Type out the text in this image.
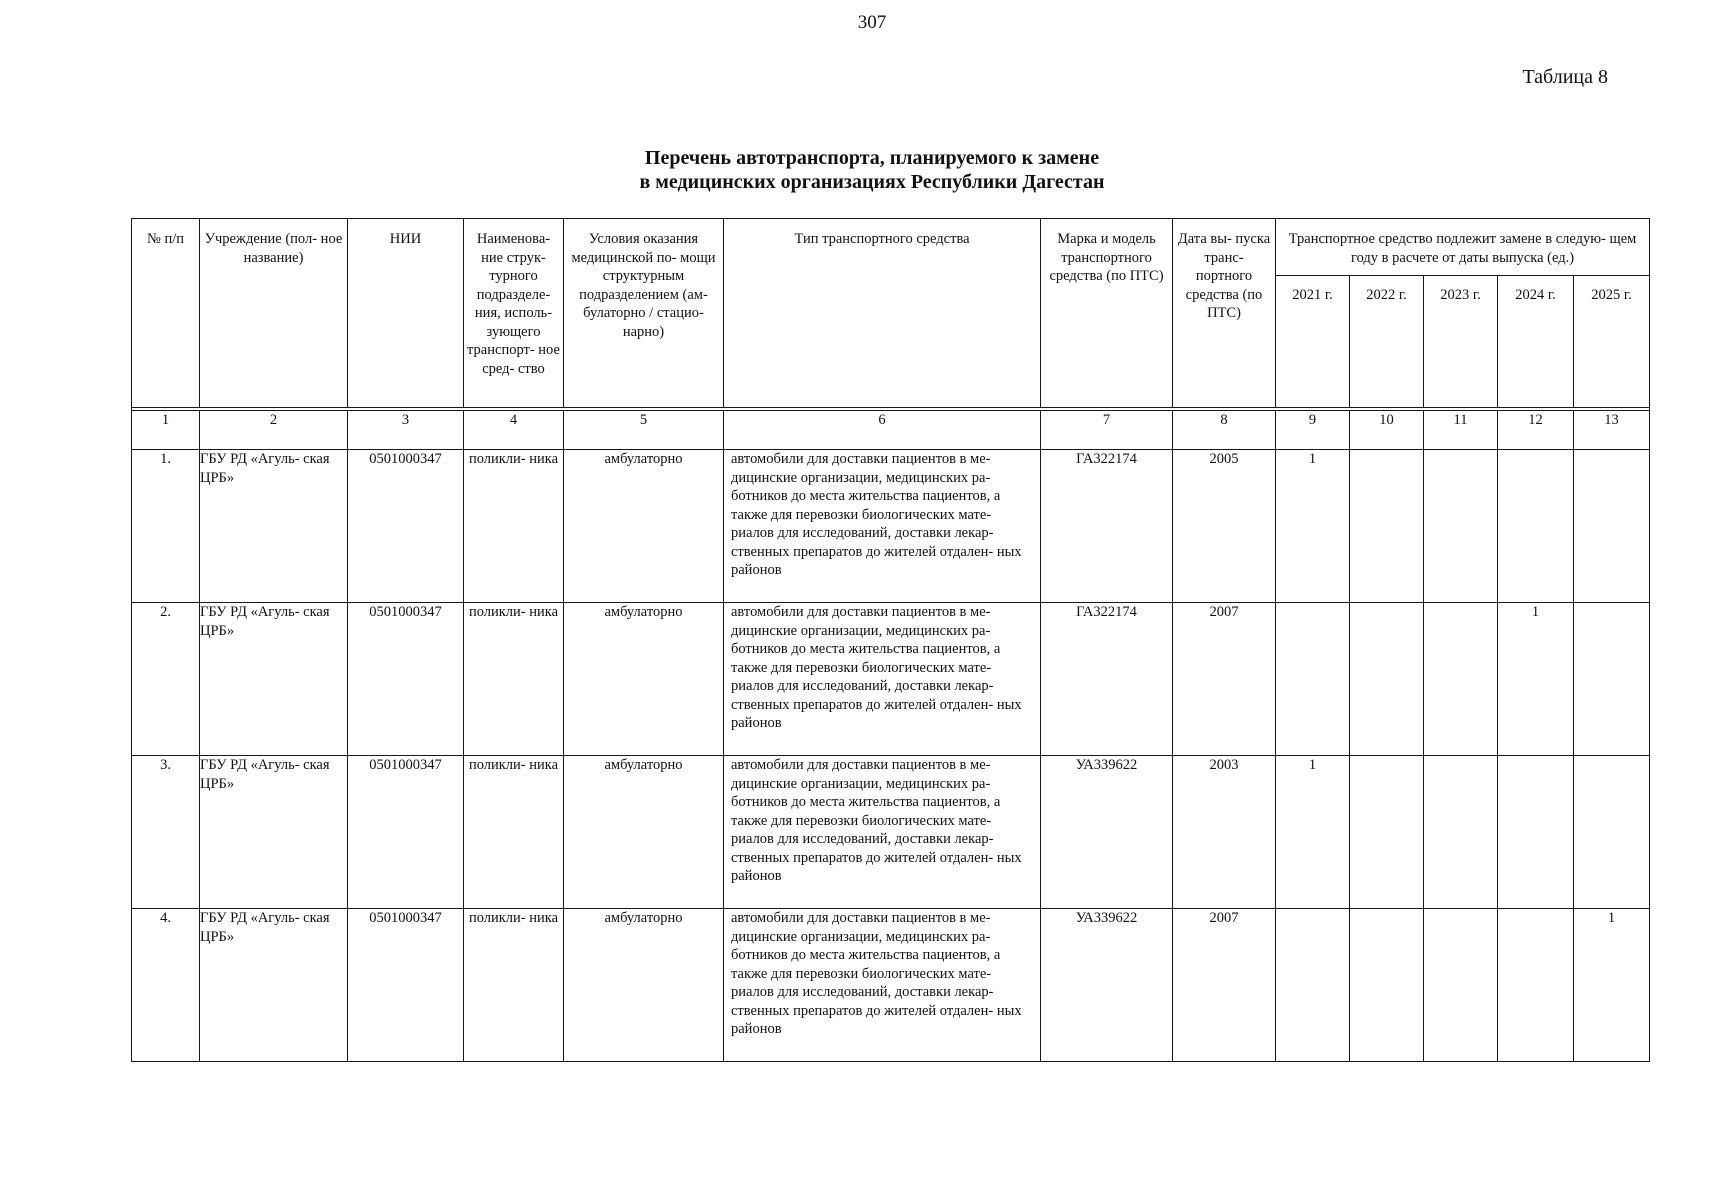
307
Таблица 8
Перечень автотранспорта, планируемого к замене
в медицинских организациях Республики Дагестан
№ п/п	Учреждение (пол- ное название)	НИИ	Наименова- ние струк- турного подразделе- ния, исполь- зующего транспорт- ное сред- ство	Условия оказания медицинской по- мощи структурным подразделением (ам- булаторно / стацио- нарно)	Тип транспортного средства	Марка и модель транспортного средства (по ПТС)	Дата вы- пуска транс- портного средства (по ПТС)	Транспортное средство подлежит замене в следую- щем году в расчете от даты выпуска (ед.)				
								2021 г.	2022 г.	2023 г.	2024 г.	2025 г.

1	2	3	4	5	6	7	8	9	10	11	12	13
1.	ГБУ РД «Агуль- ская ЦРБ»	0501000347	поликли- ника	амбулаторно	автомобили для доставки пациентов в ме- дицинские организации, медицинских ра- ботников до места жительства пациентов, а также для перевозки биологических мате- риалов для исследований, доставки лекар- ственных препаратов до жителей отдален- ных районов	ГА322174	2005	1				
2.	ГБУ РД «Агуль- ская ЦРБ»	0501000347	поликли- ника	амбулаторно	автомобили для доставки пациентов в ме- дицинские организации, медицинских ра- ботников до места жительства пациентов, а также для перевозки биологических мате- риалов для исследований, доставки лекар- ственных препаратов до жителей отдален- ных районов	ГА322174	2007				1	
3.	ГБУ РД «Агуль- ская ЦРБ»	0501000347	поликли- ника	амбулаторно	автомобили для доставки пациентов в ме- дицинские организации, медицинских ра- ботников до места жительства пациентов, а также для перевозки биологических мате- риалов для исследований, доставки лекар- ственных препаратов до жителей отдален- ных районов	УА339622	2003	1				
4.	ГБУ РД «Агуль- ская ЦРБ»	0501000347	поликли- ника	амбулаторно	автомобили для доставки пациентов в ме- дицинские организации, медицинских ра- ботников до места жительства пациентов, а также для перевозки биологических мате- риалов для исследований, доставки лекар- ственных препаратов до жителей отдален- ных районов	УА339622	2007					1
